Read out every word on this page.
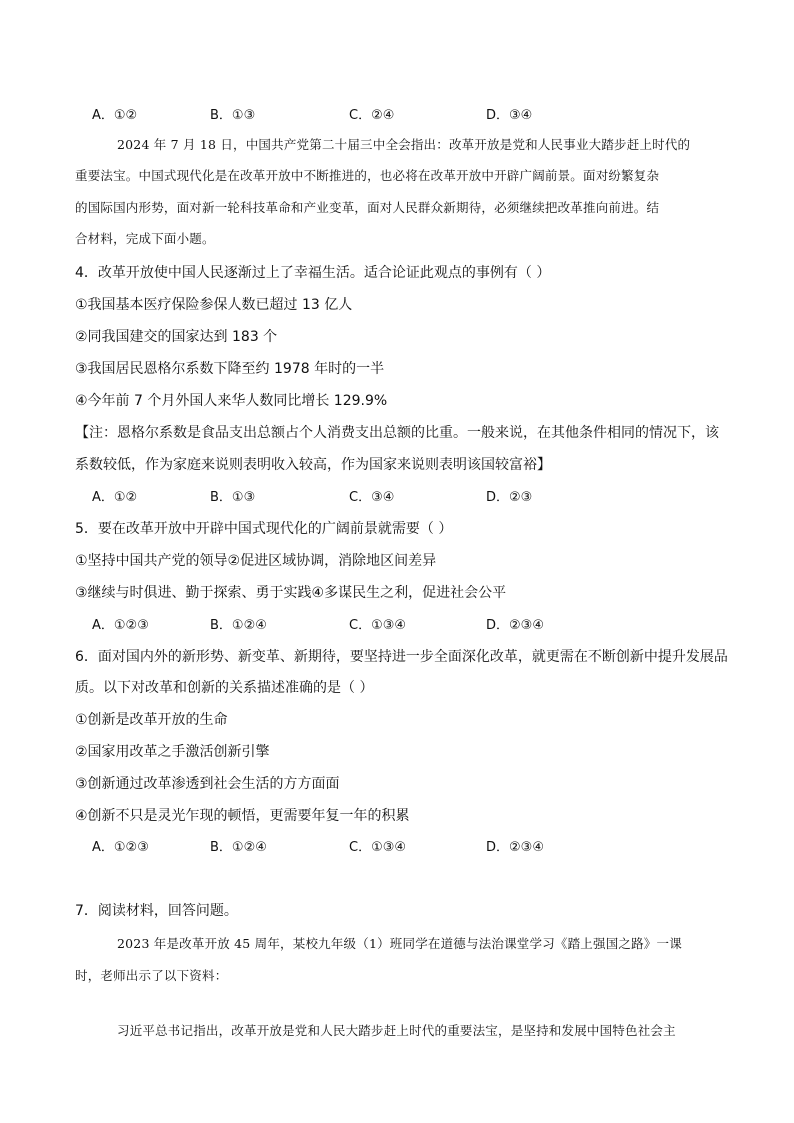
A．①②	B．①③	C．②④	D．③④
2024 年 7 月 18 日，中国共产党第二十届三中全会指出：改革开放是党和人民事业大踏步赶上时代的
重要法宝。中国式现代化是在改革开放中不断推进的，也必将在改革开放中开辟广阔前景。面对纷繁复杂
的国际国内形势，面对新一轮科技革命和产业变革，面对人民群众新期待，必须继续把改革推向前进。结
合材料，完成下面小题。
4．改革开放使中国人民逐渐过上了幸福生活。适合论证此观点的事例有（ ）
①我国基本医疗保险参保人数已超过 13 亿人
②同我国建交的国家达到 183 个
③我国居民恩格尔系数下降至约 1978 年时的一半
④今年前 7 个月外国人来华人数同比增长 129.9%
【注：恩格尔系数是食品支出总额占个人消费支出总额的比重。一般来说，在其他条件相同的情况下，该
系数较低，作为家庭来说则表明收入较高，作为国家来说则表明该国较富裕】
A．①②	B．①③	C．③④	D．②③
5．要在改革开放中开辟中国式现代化的广阔前景就需要（ ）
①坚持中国共产党的领导②促进区域协调，消除地区间差异
③继续与时俱进、勤于探索、勇于实践④多谋民生之利，促进社会公平
A．①②③	B．①②④	C．①③④	D．②③④
6．面对国内外的新形势、新变革、新期待，要坚持进一步全面深化改革，就更需在不断创新中提升发展品
质。以下对改革和创新的关系描述准确的是（ ）
①创新是改革开放的生命
②国家用改革之手激活创新引擎
③创新通过改革渗透到社会生活的方方面面
④创新不只是灵光乍现的顿悟，更需要年复一年的积累
A．①②③	B．①②④	C．①③④	D．②③④
7．阅读材料，回答问题。
2023 年是改革开放 45 周年，某校九年级（1）班同学在道德与法治课堂学习《踏上强国之路》一课
时，老师出示了以下资料：
习近平总书记指出，改革开放是党和人民大踏步赶上时代的重要法宝，是坚持和发展中国特色社会主
